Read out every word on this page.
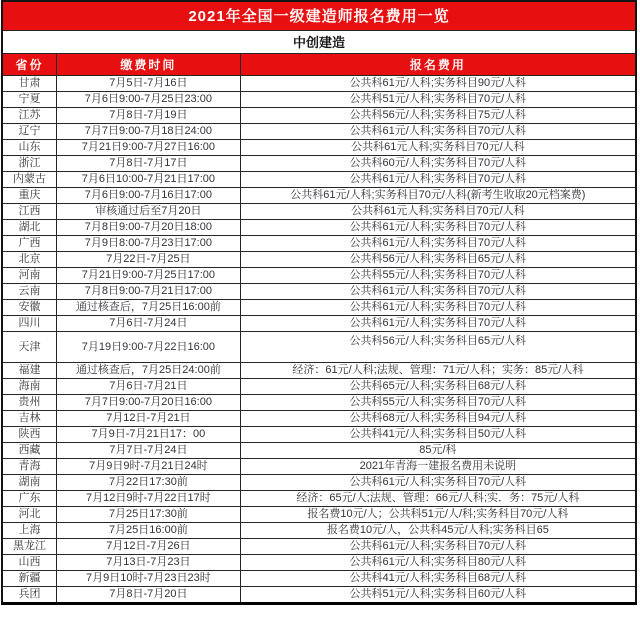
2021年全国一级建造师报名费用一览		
中创建造		
省份	缴费时间	报名费用
甘肃	7月5日-7月16日	公共科61元/人科;实务科目90元/人科
宁夏	7月6日9:00-7月25日23:00	公共科51元/人科;实务科目70元/人科
江苏	7月8日-7月19日	公共科56元/人科;实务科目75元/人科
辽宁	7月7日9:00-7月18日24:00	公共科61元/人科;实务科目70元/人科
山东	7月21日9:00-7月27日16:00	公共科61元人科;实务科目70元/人科
浙江	7月8日-7月17日	公共科60元/人科;实务科目70元/人科
内蒙古	7月6日10:00-7月21日17:00	公共科61元/人科;实务科目70元/人科
重庆	7月6日9:00-7月16日17:00	公共科61元/人科;实务科目70元/人科(新考生收取20元档案费)
江西	审核通过后至7月20日	公共科61元人科;实务科目70元/人科
湖北	7月8日9:00-7月20日18:00	公共科61元/人科;实务科目70元/人科
广西	7月9日8:00-7月23日17:00	公共科61元/人科;实务科目70元/人科
北京	7月22日-7月25日	公共科56元/人科;实务科目65元/人科
河南	7月21日9:00-7月25日17:00	公共科55元/人科;实务科目70元/人科
云南	7月8日9:00-7月21日17:00	公共科61元/人科;实务科目70元/人科
安徽	通过核查后，7月25日16:00前	公共科61元/人科;实务科目70元/人科
四川	7月6日-7月24日	公共科61元/人科;实务科目70元/人科
天津	7月19日9:00-7月22日16:00	公共科56元/人科;实务科目65元/人科
福建	通过核查后，7月25日24:00前	经济：61元/人科;法规、管理：71元/人科；实务：85元/人科
海南	7月6日-7月21日	公共科65元/人科;实务科目68元/人科
贵州	7月7日9:00-7月20日16:00	公共科55元/人科;实务科目70元/人科
吉林	7月12日-7月21日	公共科68元/人科;实务科目94元/人科
陕西	7月9日-7月21日17：00	公共科41元/人科;实务科目50元/人科
西藏	7月7日-7月24日	85元/科
青海	7月9日9时-7月21日24时	2021年青海一建报名费用未说明
湖南	7月22日17:30前	公共科61元/人科;实务科目70元/人科
广东	7月12日9时-7月22日17时	经济：65元/人;法规、管理：66元/人科;实．务：75元/人科
河北	7月25日17:30前	报名费10元/人；公共科51元/人/科;实务科目70元/人科
上海	7月25日16:00前	报名费10元/人，公共科45元/人科;实务科目65
黑龙江	7月12日-7月26日	公共科61元/人科;实务科目70元/人科
山西	7月13日-7月23日	公共科61元/人科;实务科目80元/人科
新疆	7月9日10时-7月23日23时	公共科41元/人科;实务科目68元/人科
兵团	7月8日-7月20日	公共科51元/人科;实务科目60元/人科
